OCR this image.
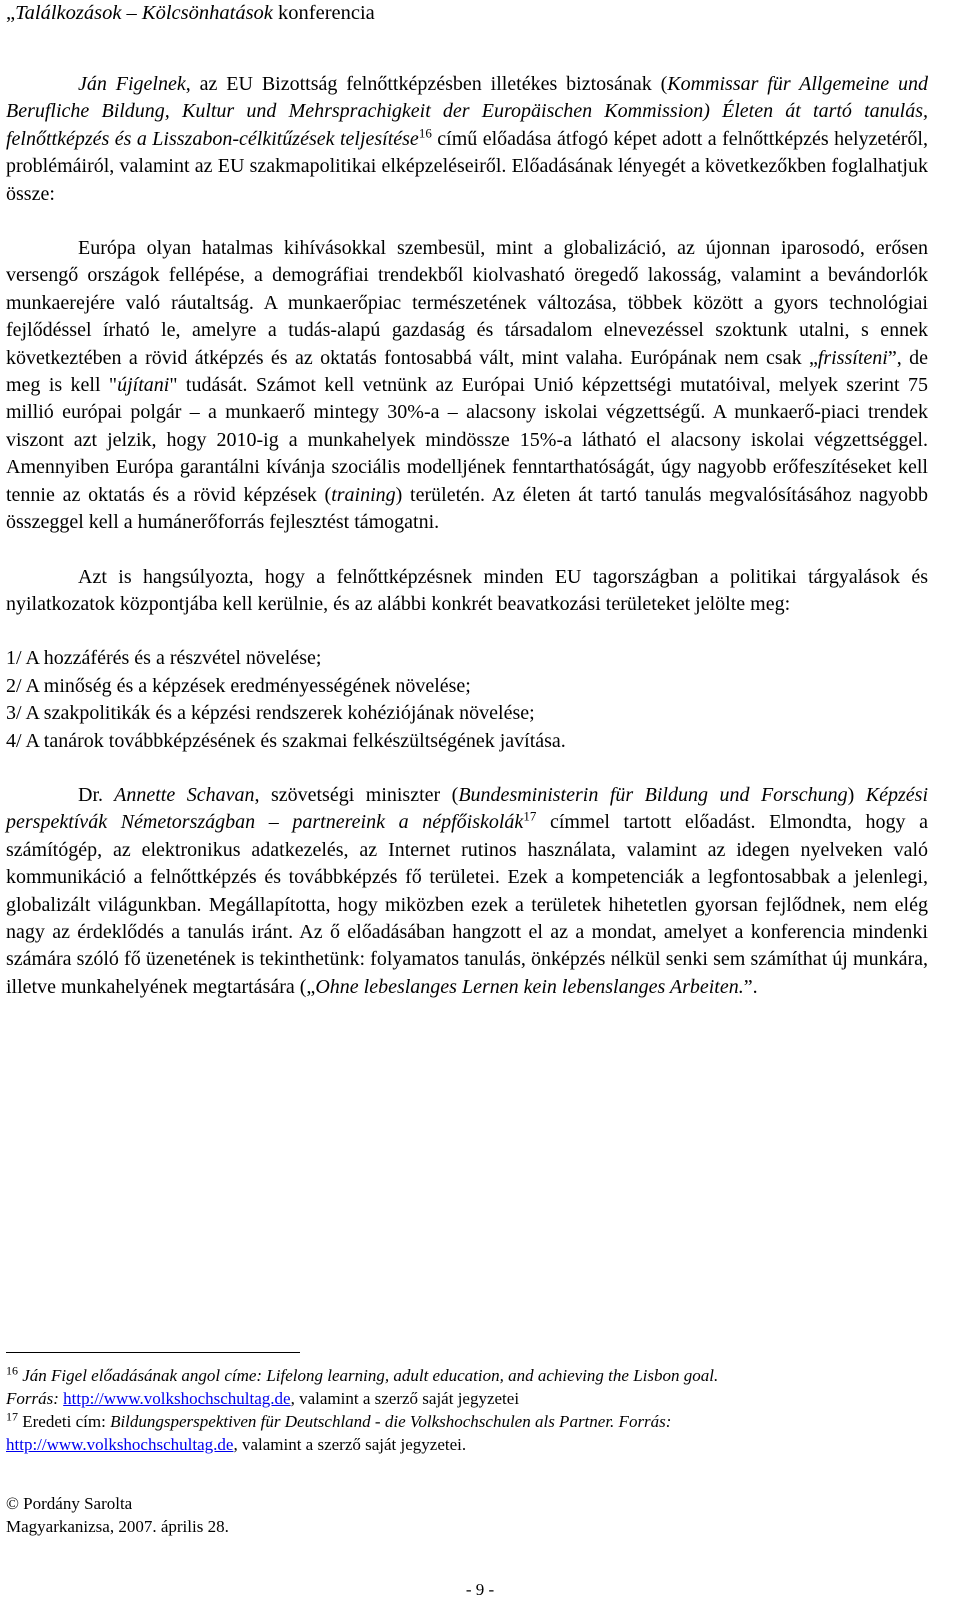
„Találkozások – Kölcsönhatások konferencia

Ján Figelnek, az EU Bizottság felnőttképzésben illetékes biztosának (Kommissar für Allgemeine und Berufliche Bildung, Kultur und Mehrsprachigkeit der Europäischen Kommission) Életen át tartó tanulás, felnőttképzés és a Lisszabon-célkitűzések teljesítése$^{16}$ című előadása átfogó képet adott a felnőttképzés helyzetéről, problémáiról, valamint az EU szakmapolitikai elképzeléseiről. Előadásának lényegét a következőkben foglalhatjuk össze:

Európa olyan hatalmas kihívásokkal szembesül, mint a globalizáció, az újonnan iparosodó, erősen versengő országok fellépése, a demográfiai trendekből kiolvasható öregedő lakosság, valamint a bevándorlók munkaerejére való ráutaltság. A munkaerőpiac természetének változása, többek között a gyors technológiai fejlődéssel írható le, amelyre a tudás-alapú gazdaság és társadalom elnevezéssel szoktunk utalni, s ennek következtében a rövid átképzés és az oktatás fontosabbá vált, mint valaha. Európának nem csak „frissíteni”, de meg is kell "újítani" tudását. Számot kell vetnünk az Európai Unió képzettségi mutatóival, melyek szerint 75 millió európai polgár – a munkaerő mintegy 30%-a – alacsony iskolai végzettségű. A munkaerő-piaci trendek viszont azt jelzik, hogy 2010-ig a munkahelyek mindössze 15%-a látható el alacsony iskolai végzettséggel. Amennyiben Európa garantálni kívánja szociális modelljének fenntarthatóságát, úgy nagyobb erőfeszítéseket kell tennie az oktatás és a rövid képzések (training) területén. Az életen át tartó tanulás megvalósításához nagyobb összeggel kell a humánerőforrás fejlesztést támogatni.

Azt is hangsúlyozta, hogy a felnőttképzésnek minden EU tagországban a politikai tárgyalások és nyilatkozatok központjába kell kerülnie, és az alábbi konkrét beavatkozási területeket jelölte meg:

1/ A hozzáférés és a részvétel növelése;

2/ A minőség és a képzések eredményességének növelése;

3/ A szakpolitikák és a képzési rendszerek kohéziójának növelése;

4/ A tanárok továbbképzésének és szakmai felkészültségének javítása.

Dr. Annette Schavan, szövetségi miniszter (Bundesministerin für Bildung und Forschung) Képzési perspektívák Németországban – partnereink a népfőiskolák$^{17}$ címmel tartott előadást. Elmondta, hogy a számítógép, az elektronikus adatkezelés, az Internet rutinos használata, valamint az idegen nyelveken való kommunikáció a felnőttképzés és továbbképzés fő területei. Ezek a kompetenciák a legfontosabbak a jelenlegi, globalizált világunkban. Megállapította, hogy miközben ezek a területek hihetetlen gyorsan fejlődnek, nem elég nagy az érdeklődés a tanulás iránt. Az ő előadásában hangzott el az a mondat, amelyet a konferencia mindenki számára szóló fő üzenetének is tekinthetünk: folyamatos tanulás, önképzés nélkül senki sem számíthat új munkára, illetve munkahelyének megtartására („Ohne lebeslanges Lernen kein lebenslanges Arbeiten.”.

$^{16}$ Ján Figel előadásának angol címe: Lifelong learning, adult education, and achieving the Lisbon goal.

Forrás: http://www.volkshochschultag.de, valamint a szerző saját jegyzetei

$^{17}$ Eredeti cím: Bildungsperspektiven für Deutschland - die Volkshochschulen als Partner. Forrás:

http://www.volkshochschultag.de, valamint a szerző saját jegyzetei.

© Pordány Sarolta

Magyarkanizsa, 2007. április 28.

- 9 -
